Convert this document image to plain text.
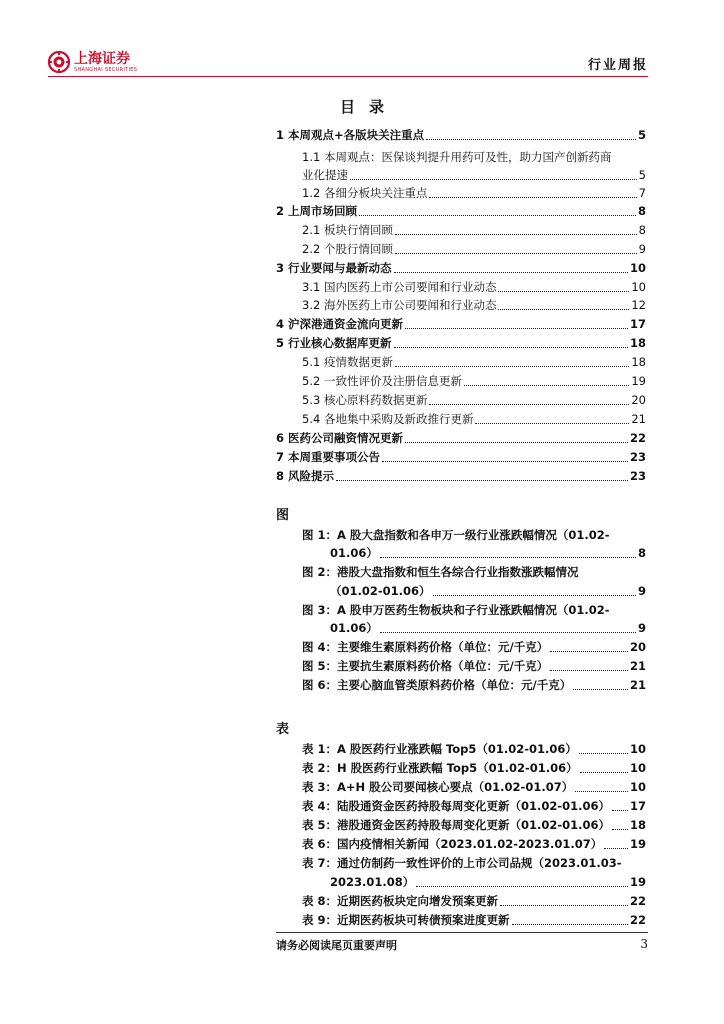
上海证券
SHANGHAI SECURITIES	行业周报
目录
1 本周观点+各版块关注重点	5
1.1 本周观点：医保谈判提升用药可及性，助力国产创新药商
业化提速	5
1.2 各细分板块关注重点	7
2 上周市场回顾	8
2.1 板块行情回顾	8
2.2 个股行情回顾	9
3 行业要闻与最新动态	10
3.1 国内医药上市公司要闻和行业动态	10
3.2 海外医药上市公司要闻和行业动态	12
4 沪深港通资金流向更新	17
5 行业核心数据库更新	18
5.1 疫情数据更新	18
5.2 一致性评价及注册信息更新	19
5.3 核心原料药数据更新	20
5.4 各地集中采购及新政推行更新	21
6 医药公司融资情况更新	22
7 本周重要事项公告	23
8 风险提示	23
图
图 1：A 股大盘指数和各申万一级行业涨跌幅情况（01.02-
01.06）	8
图 2：港股大盘指数和恒生各综合行业指数涨跌幅情况
（01.02-01.06）	9
图 3：A 股申万医药生物板块和子行业涨跌幅情况（01.02-
01.06）	9
图 4：主要维生素原料药价格（单位：元/千克）	20
图 5：主要抗生素原料药价格（单位：元/千克）	21
图 6：主要心脑血管类原料药价格（单位：元/千克）	21
表
表 1：A 股医药行业涨跌幅 Top5（01.02-01.06）	10
表 2：H 股医药行业涨跌幅 Top5（01.02-01.06）	10
表 3：A+H 股公司要闻核心要点（01.02-01.07）	10
表 4：陆股通资金医药持股每周变化更新（01.02-01.06） 17
表 5：港股通资金医药持股每周变化更新（01.02-01.06） 18
表 6：国内疫情相关新闻（2023.01.02-2023.01.07） 19
表 7：通过仿制药一致性评价的上市公司品规（2023.01.03-
2023.01.08）	19
表 8：近期医药板块定向增发预案更新	22
表 9：近期医药板块可转债预案进度更新	22
请务必阅读尾页重要声明	3
